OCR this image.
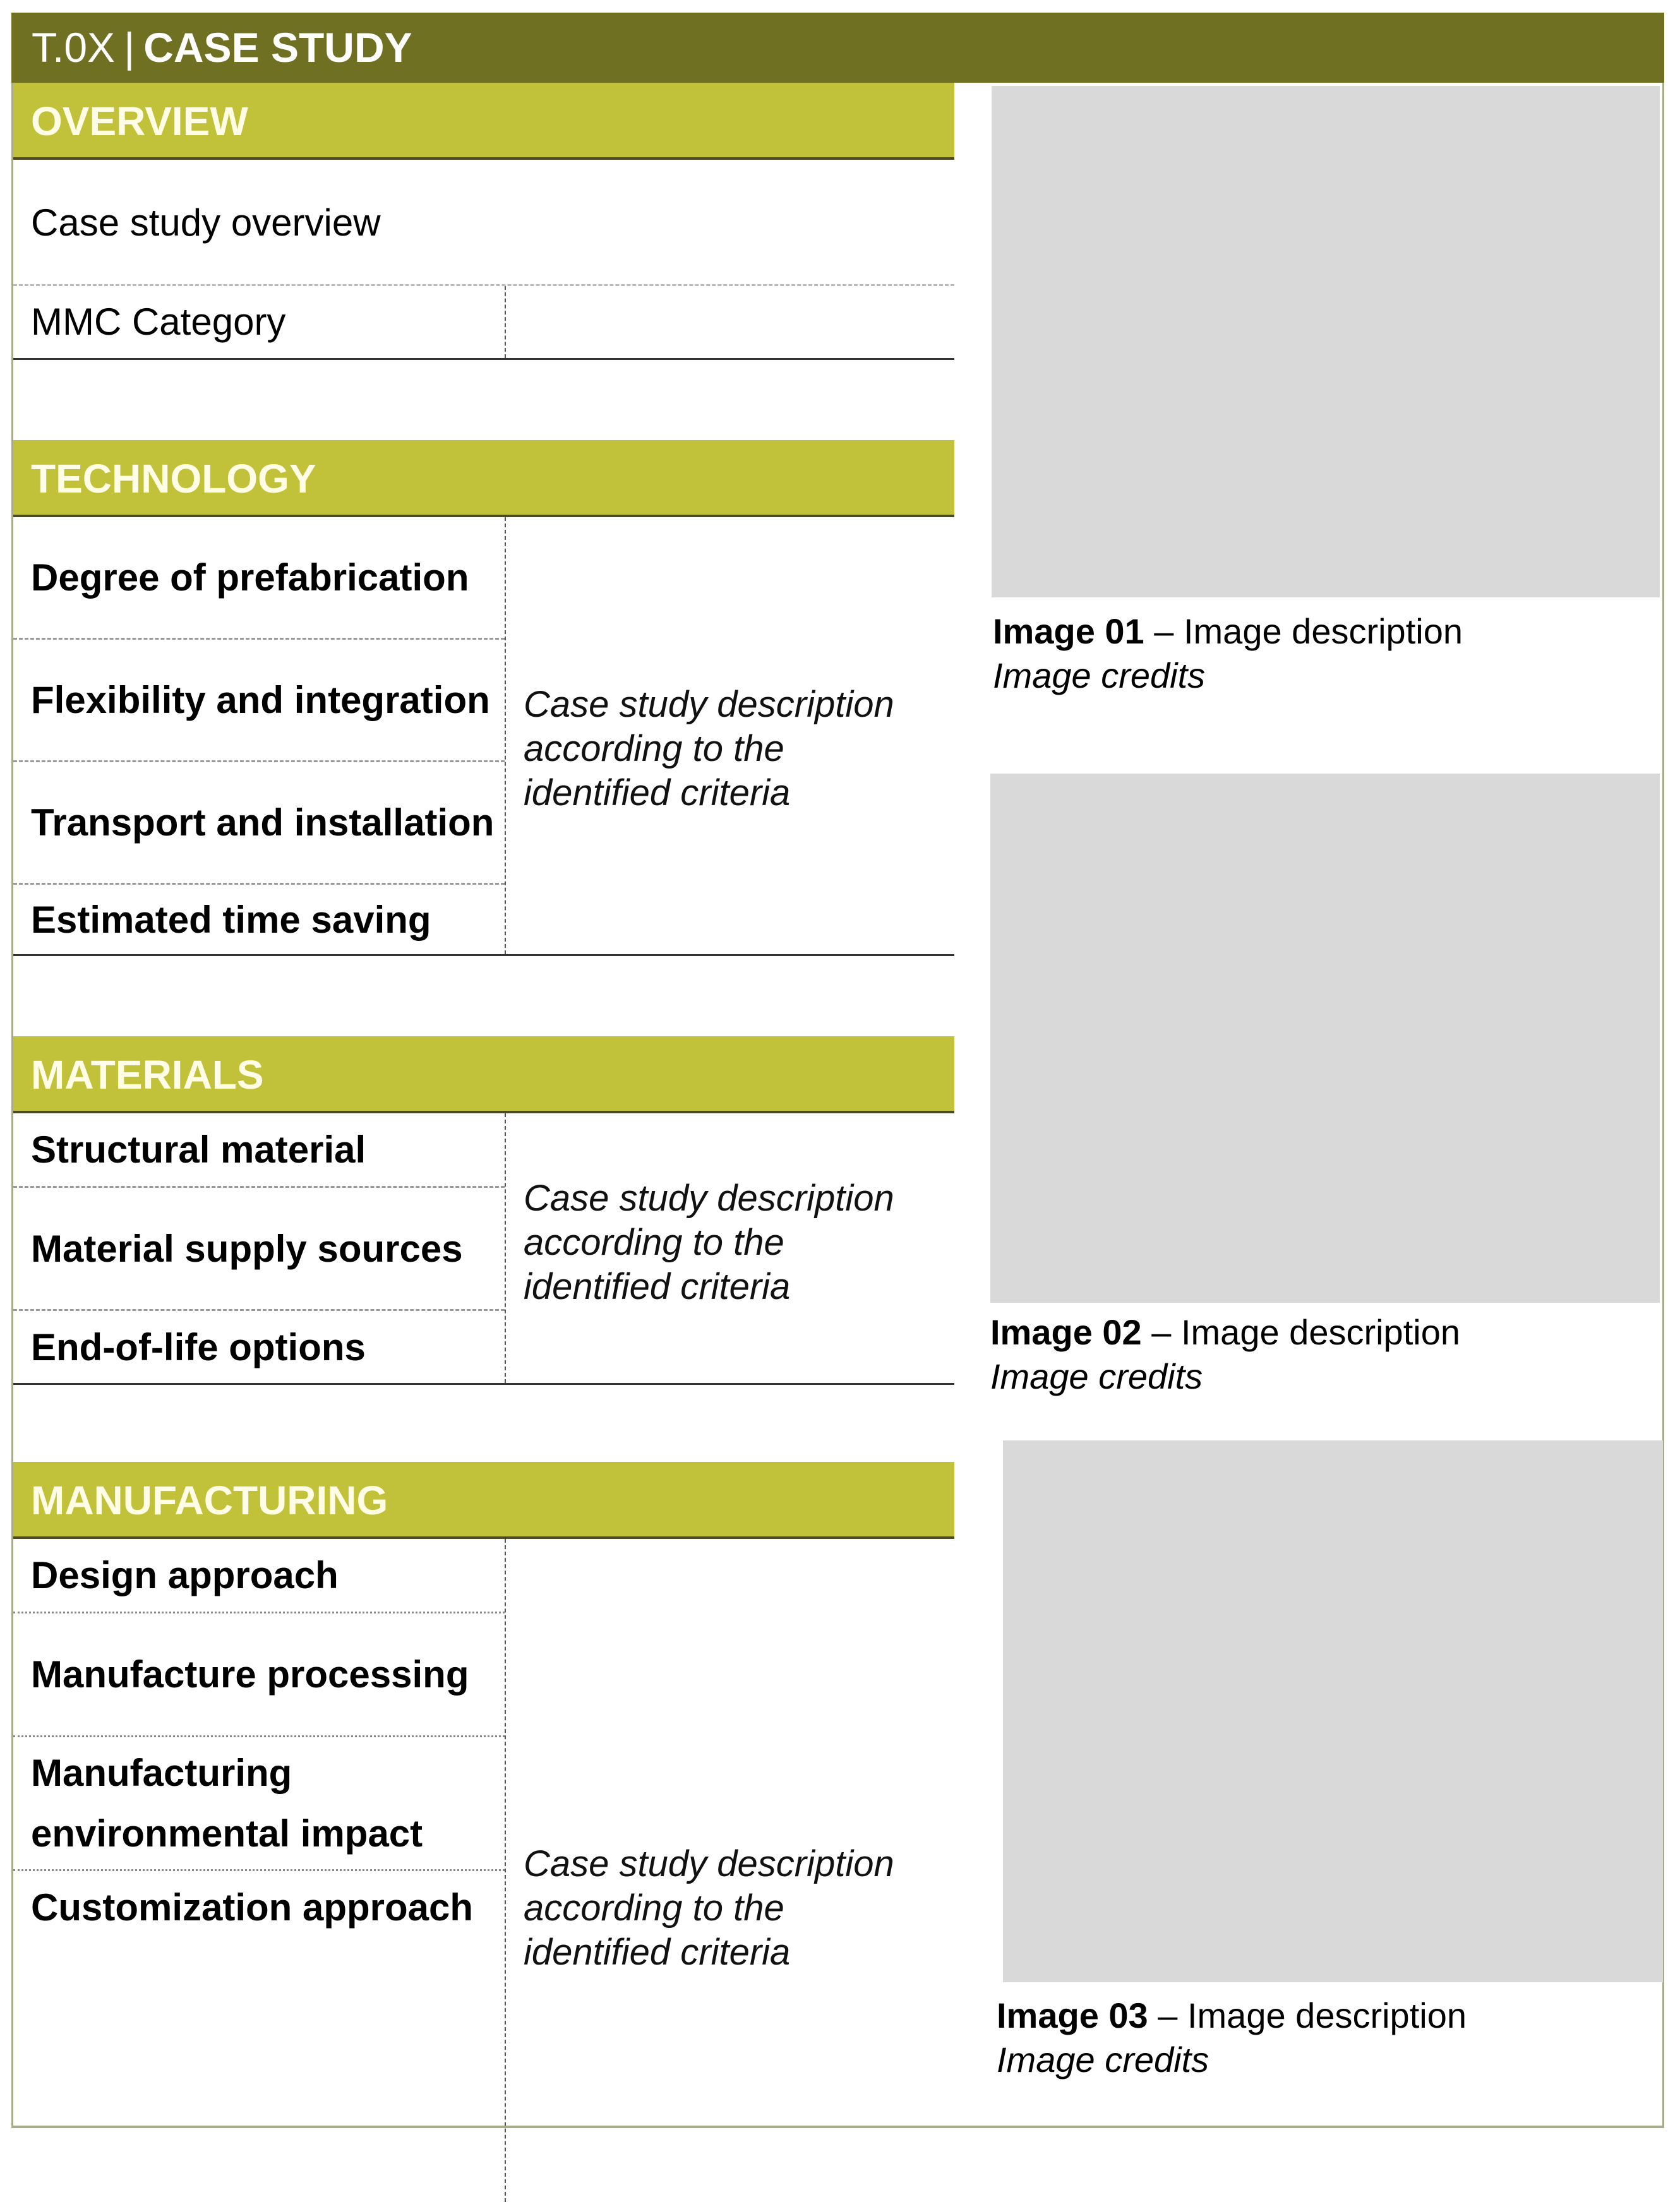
T.0X | CASE STUDY
OVERVIEW
Case study overview
MMC Category
TECHNOLOGY
Degree of prefabrication
Flexibility and integration
Transport and installation
Estimated time saving
Case study description according to the identified criteria
MATERIALS
Structural material
Material supply sources
End-of-life options
Case study description according to the identified criteria
MANUFACTURING
Design approach
Manufacture processing
Manufacturing environmental impact
Customization approach
Case study description according to the identified criteria
Image 01 – Image description
Image credits
Image 02 – Image description
Image credits
Image 03 – Image description
Image credits
